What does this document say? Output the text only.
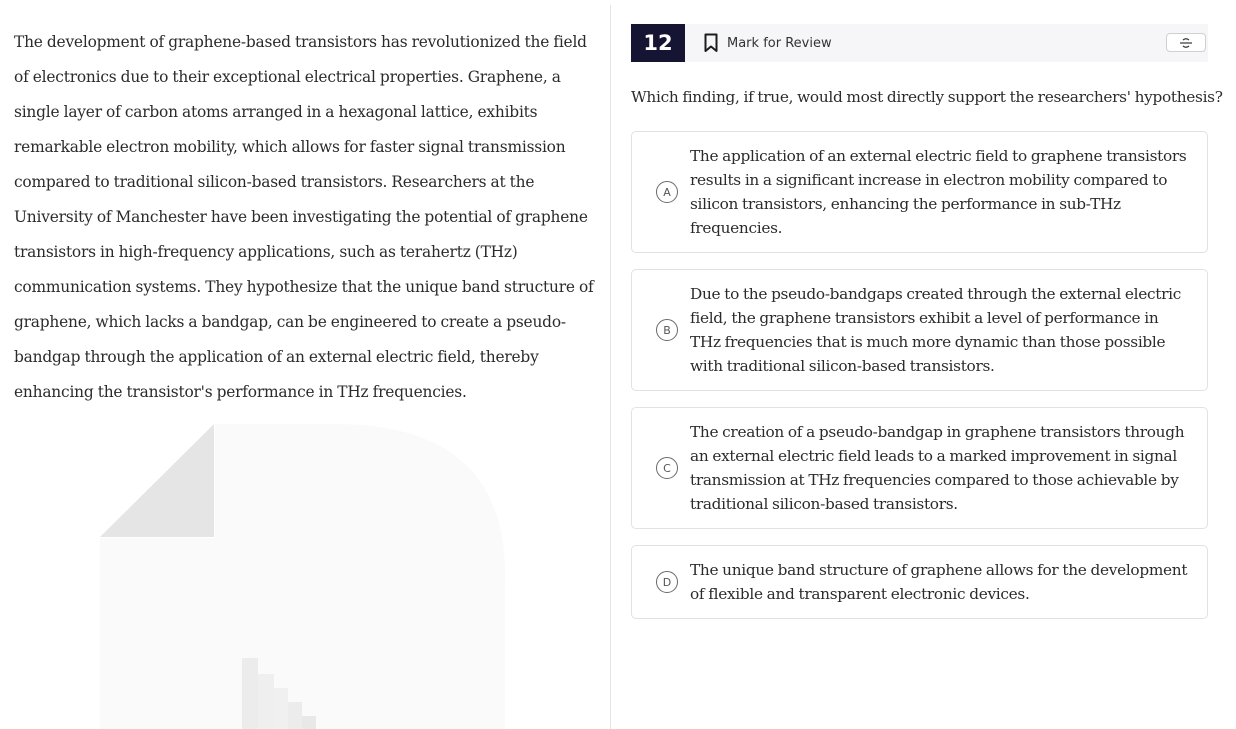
The development of graphene-based transistors has revolutionized the field of electronics due to their exceptional electrical properties. Graphene, a single layer of carbon atoms arranged in a hexagonal lattice, exhibits remarkable electron mobility, which allows for faster signal transmission compared to traditional silicon-based transistors. Researchers at the University of Manchester have been investigating the potential of graphene transistors in high-frequency applications, such as terahertz (THz) communication systems. They hypothesize that the unique band structure of graphene, which lacks a bandgap, can be engineered to create a pseudo-bandgap through the application of an external electric field, thereby enhancing the transistor's performance in THz frequencies.
12	Mark for Review
Which finding, if true, would most directly support the researchers' hypothesis?
A
The application of an external electric field to graphene transistors results in a significant increase in electron mobility compared to silicon transistors, enhancing the performance in sub-THz frequencies.
B
Due to the pseudo-bandgaps created through the external electric field, the graphene transistors exhibit a level of performance in THz frequencies that is much more dynamic than those possible with traditional silicon-based transistors.
C
The creation of a pseudo-bandgap in graphene transistors through an external electric field leads to a marked improvement in signal transmission at THz frequencies compared to those achievable by traditional silicon-based transistors.
D
The unique band structure of graphene allows for the development of flexible and transparent electronic devices.
